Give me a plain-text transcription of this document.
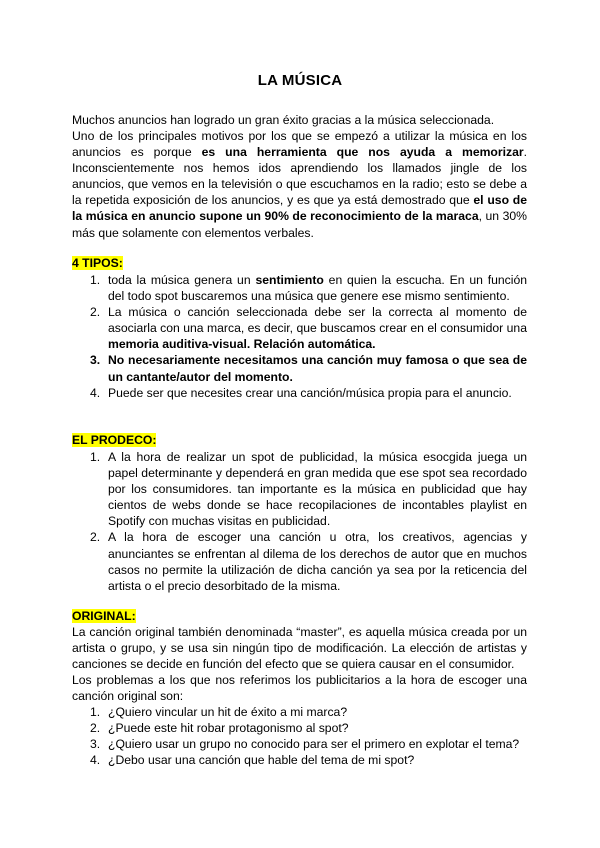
LA MÚSICA
Muchos anuncios han logrado un gran éxito gracias a la música seleccionada.
Uno de los principales motivos por los que se empezó a utilizar la música en los anuncios es porque es una herramienta que nos ayuda a memorizar. Inconscientemente nos hemos idos aprendiendo los llamados jingle de los anuncios, que vemos en la televisión o que escuchamos en la radio; esto se debe a la repetida exposición de los anuncios, y es que ya está demostrado que el uso de la música en anuncio supone un 90% de reconocimiento de la maraca, un 30% más que solamente con elementos verbales.
4 TIPOS:
1. toda la música genera un sentimiento en quien la escucha. En un función del todo spot buscaremos una música que genere ese mismo sentimiento.
2. La música o canción seleccionada debe ser la correcta al momento de asociarla con una marca, es decir, que buscamos crear en el consumidor una memoria auditiva-visual. Relación automática.
3. No necesariamente necesitamos una canción muy famosa o que sea de un cantante/autor del momento.
4. Puede ser que necesites crear una canción/música propia para el anuncio.
EL PRODECO:
1. A la hora de realizar un spot de publicidad, la música esocgida juega un papel determinante y dependerá en gran medida que ese spot sea recordado por los consumidores. tan importante es la música en publicidad que hay cientos de webs donde se hace recopilaciones de incontables playlist en Spotify con muchas visitas en publicidad.
2. A la hora de escoger una canción u otra, los creativos, agencias y anunciantes se enfrentan al dilema de los derechos de autor que en muchos casos no permite la utilización de dicha canción ya sea por la reticencia del artista o el precio desorbitado de la misma.
ORIGINAL:
La canción original también denominada “master”, es aquella música creada por un artista o grupo, y se usa sin ningún tipo de modificación. La elección de artistas y canciones se decide en función del efecto que se quiera causar en el consumidor.
Los problemas a los que nos referimos los publicitarios a la hora de escoger una canción original son:
1. ¿Quiero vincular un hit de éxito a mi marca?
2. ¿Puede este hit robar protagonismo al spot?
3. ¿Quiero usar un grupo no conocido para ser el primero en explotar el tema?
4. ¿Debo usar una canción que hable del tema de mi spot?
